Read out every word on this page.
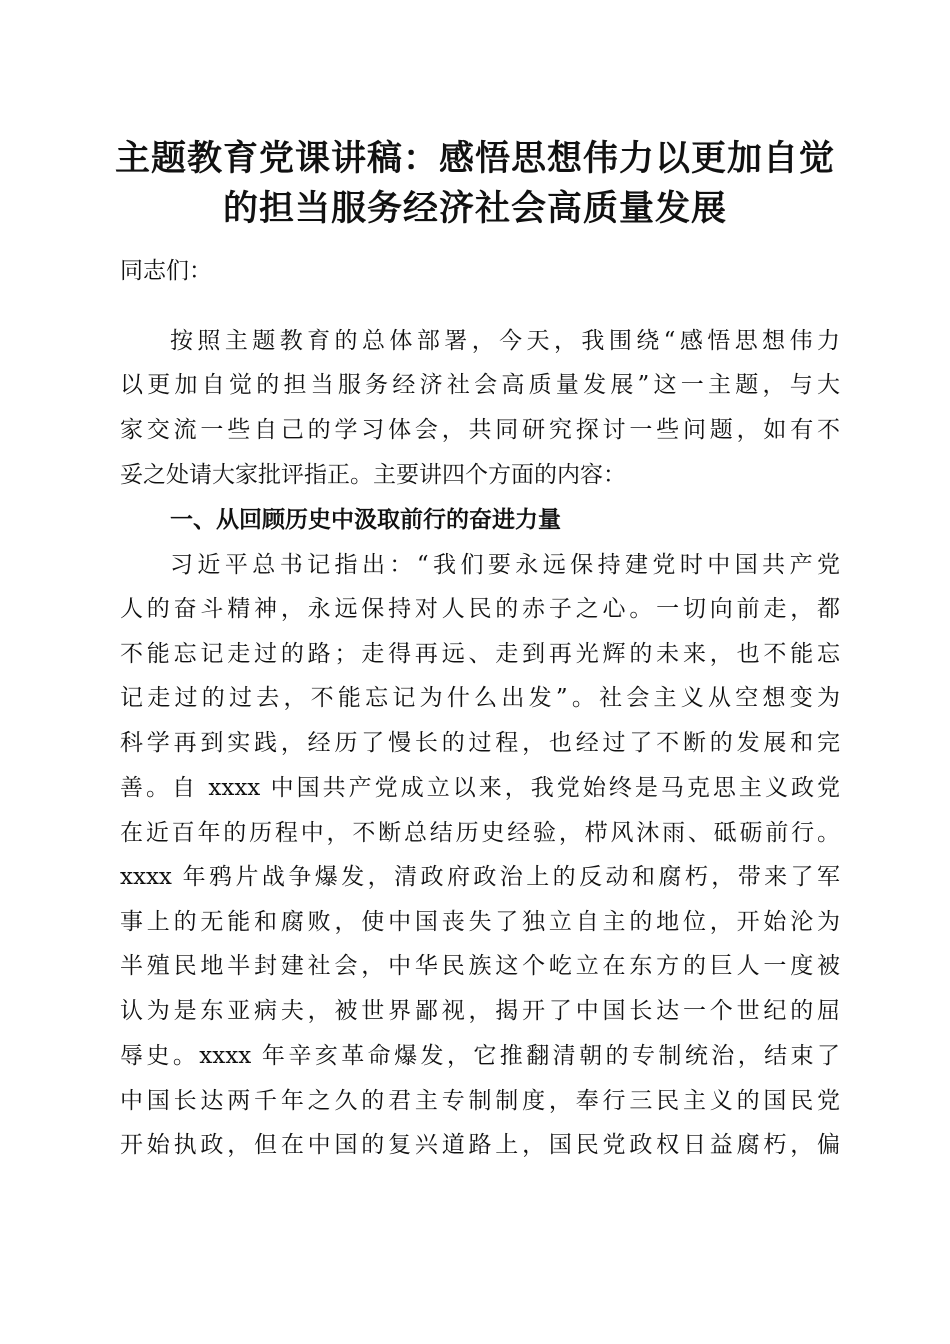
主题教育党课讲稿：感悟思想伟力以更加自觉
的担当服务经济社会高质量发展
同志们：
按照主题教育的总体部署，今天，我围绕“感悟思想伟力
以更加自觉的担当服务经济社会高质量发展”这一主题，与大
家交流一些自己的学习体会，共同研究探讨一些问题，如有不
妥之处请大家批评指正。主要讲四个方面的内容：
一、从回顾历史中汲取前行的奋进力量
习近平总书记指出：“我们要永远保持建党时中国共产党
人的奋斗精神，永远保持对人民的赤子之心。一切向前走，都
不能忘记走过的路；走得再远、走到再光辉的未来，也不能忘
记走过的过去，不能忘记为什么出发”。社会主义从空想变为
科学再到实践，经历了慢长的过程，也经过了不断的发展和完
善。自 xxxx 中国共产党成立以来，我党始终是马克思主义政党
在近百年的历程中，不断总结历史经验，栉风沐雨、砥砺前行。
xxxx 年鸦片战争爆发，清政府政治上的反动和腐朽，带来了军
事上的无能和腐败，使中国丧失了独立自主的地位，开始沦为
半殖民地半封建社会，中华民族这个屹立在东方的巨人一度被
认为是东亚病夫，被世界鄙视，揭开了中国长达一个世纪的屈
辱史。xxxx 年辛亥革命爆发，它推翻清朝的专制统治，结束了
中国长达两千年之久的君主专制制度，奉行三民主义的国民党
开始执政，但在中国的复兴道路上，国民党政权日益腐朽，偏
